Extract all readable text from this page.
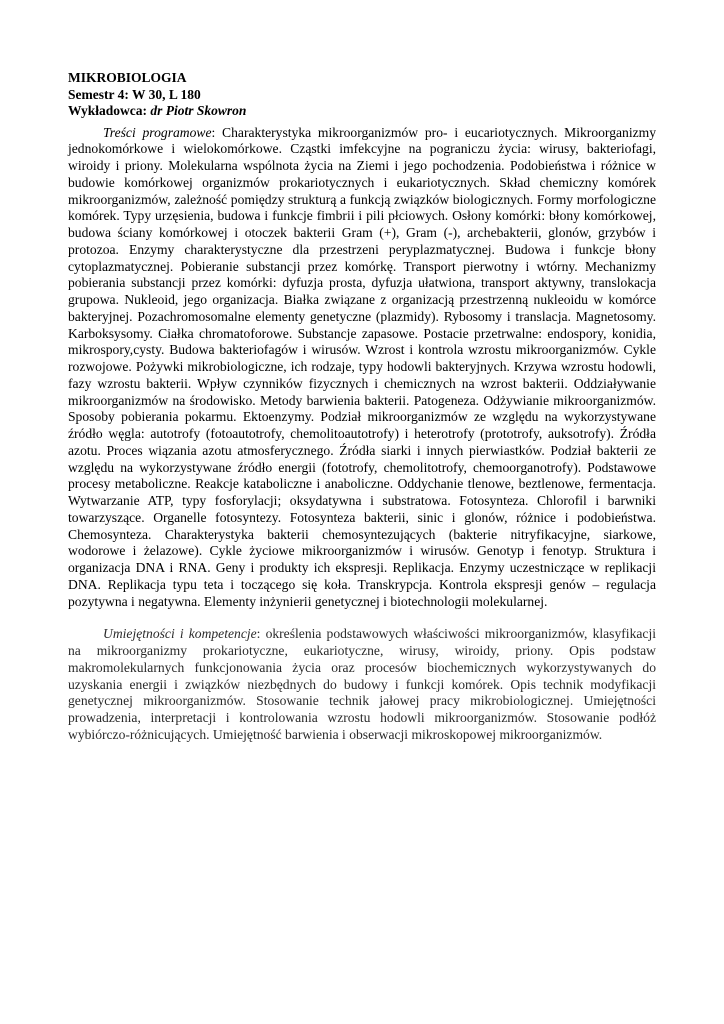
MIKROBIOLOGIA
Semestr 4: W 30, L 180
Wykładowca: dr Piotr Skowron

Treści programowe: Charakterystyka mikroorganizmów pro- i eucariotycznych. Mikroorganizmy jednokomórkowe i wielokomórkowe. Cząstki imfekcyjne na pograniczu życia: wirusy, bakteriofagi, wiroidy i priony. Molekularna wspólnota życia na Ziemi i jego pochodzenia. Podobieństwa i różnice w budowie komórkowej organizmów prokariotycznych i eukariotycznych. Skład chemiczny komórek mikroorganizmów, zależność pomiędzy strukturą a funkcją związków biologicznych. Formy morfologiczne komórek. Typy urzęsienia, budowa i funkcje fimbrii i pili płciowych. Osłony komórki: błony komórkowej, budowa ściany komórkowej i otoczek bakterii Gram (+), Gram (-), archebakterii, glonów, grzybów i protozoa. Enzymy charakterystyczne dla przestrzeni peryplazmatycznej. Budowa i funkcje błony cytoplazmatycznej. Pobieranie substancji przez komórkę. Transport pierwotny i wtórny. Mechanizmy pobierania substancji przez komórki: dyfuzja prosta, dyfuzja ułatwiona, transport aktywny, translokacja grupowa. Nukleoid, jego organizacja. Białka związane z organizacją przestrzenną nukleoidu w komórce bakteryjnej. Pozachromosomalne elementy genetyczne (plazmidy). Rybosomy i translacja. Magnetosomy. Karboksysomy. Ciałka chromatoforowe. Substancje zapasowe. Postacie przetrwalne: endospory, konidia, mikrospory,cysty. Budowa bakteriofagów i wirusów. Wzrost i kontrola wzrostu mikroorganizmów. Cykle rozwojowe. Pożywki mikrobiologiczne, ich rodzaje, typy hodowli bakteryjnych. Krzywa wzrostu hodowli, fazy wzrostu bakterii. Wpływ czynników fizycznych i chemicznych na wzrost bakterii. Oddziaływanie mikroorganizmów na środowisko. Metody barwienia bakterii. Patogeneza. Odżywianie mikroorganizmów. Sposoby pobierania pokarmu. Ektoenzymy. Podział mikroorganizmów ze względu na wykorzystywane źródło węgla: autotrofy (fotoautotrofy, chemolitoautotrofy) i heterotrofy (prototrofy, auksotrofy). Źródła azotu. Proces wiązania azotu atmosferycznego. Źródła siarki i innych pierwiastków. Podział bakterii ze względu na wykorzystywane źródło energii (fototrofy, chemolitotrofy, chemoorganotrofy). Podstawowe procesy metaboliczne. Reakcje kataboliczne i anaboliczne. Oddychanie tlenowe, beztlenowe, fermentacja. Wytwarzanie ATP, typy fosforylacji; oksydatywna i substratowa. Fotosynteza. Chlorofil i barwniki towarzyszące. Organelle fotosyntezy. Fotosynteza bakterii, sinic i glonów, różnice i podobieństwa. Chemosynteza. Charakterystyka bakterii chemosyntezujących (bakterie nitryfikacyjne, siarkowe, wodorowe i żelazowe). Cykle życiowe mikroorganizmów i wirusów. Genotyp i fenotyp. Struktura i organizacja DNA i RNA. Geny i produkty ich ekspresji. Replikacja. Enzymy uczestniczące w replikacji DNA. Replikacja typu teta i toczącego się koła. Transkrypcja. Kontrola ekspresji genów – regulacja pozytywna i negatywna. Elementy inżynierii genetycznej i biotechnologii molekularnej.

Umiejętności i kompetencje: określenia podstawowych właściwości mikroorganizmów, klasyfikacji na mikroorganizmy prokariotyczne, eukariotyczne, wirusy, wiroidy, priony. Opis podstaw makromolekularnych funkcjonowania życia oraz procesów biochemicznych wykorzystywanych do uzyskania energii i związków niezbędnych do budowy i funkcji komórek. Opis technik modyfikacji genetycznej mikroorganizmów. Stosowanie technik jałowej pracy mikrobiologicznej. Umiejętności prowadzenia, interpretacji i kontrolowania wzrostu hodowli mikroorganizmów. Stosowanie podłóż wybiórczo-różnicujących. Umiejętność barwienia i obserwacji mikroskopowej mikroorganizmów.
